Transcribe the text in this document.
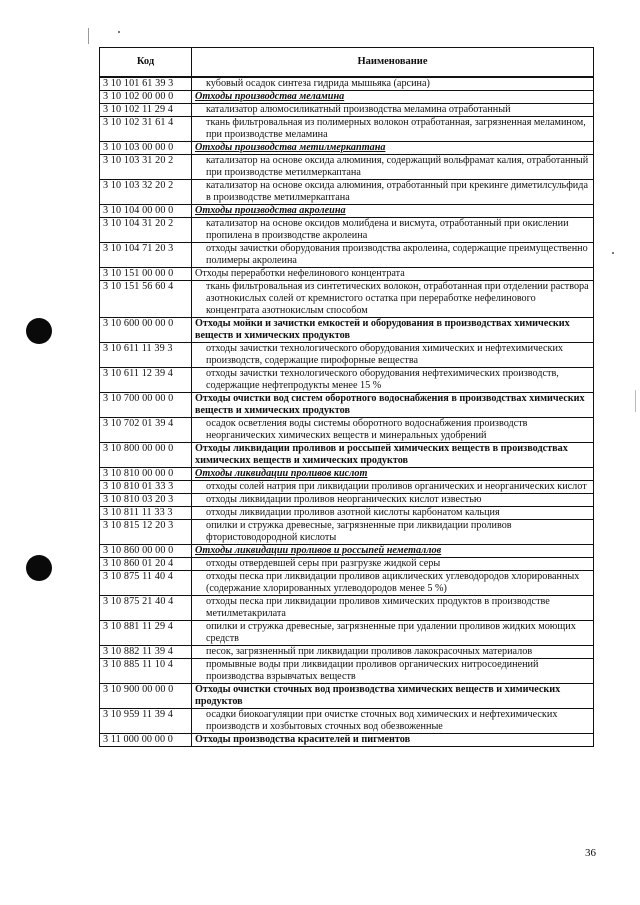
Код	Наименование
3 10 101 61 39 3	кубовый осадок синтеза гидрида мышьяка (арсина)
3 10 102 00 00 0	Отходы производства меламина
3 10 102 11 29 4	катализатор алюмосиликатный производства меламина отработанный
3 10 102 31 61 4	ткань фильтровальная из полимерных волокон отработанная, загрязненная меламином, при производстве меламина
3 10 103 00 00 0	Отходы производства метилмеркаптана
3 10 103 31 20 2	катализатор на основе оксида алюминия, содержащий вольфрамат калия, отработанный при производстве метилмеркаптана
3 10 103 32 20 2	катализатор на основе оксида алюминия, отработанный при крекинге диметилсульфида в производстве метилмеркаптана
3 10 104 00 00 0	Отходы производства акролеина
3 10 104 31 20 2	катализатор на основе оксидов молибдена и висмута, отработанный при окислении пропилена в производстве акролеина
3 10 104 71 20 3	отходы зачистки оборудования производства акролеина, содержащие преимущественно полимеры акролеина
3 10 151 00 00 0	Отходы переработки нефелинового концентрата
3 10 151 56 60 4	ткань фильтровальная из синтетических волокон, отработанная при отделении раствора азотнокислых солей от кремнистого остатка при переработке нефелинового концентрата азотнокислым способом
3 10 600 00 00 0	Отходы мойки и зачистки емкостей и оборудования в производствах химических веществ и химических продуктов
3 10 611 11 39 3	отходы зачистки технологического оборудования химических и нефтехимических производств, содержащие пирофорные вещества
3 10 611 12 39 4	отходы зачистки технологического оборудования нефтехимических производств, содержащие нефтепродукты менее 15 %
3 10 700 00 00 0	Отходы очистки вод систем оборотного водоснабжения в производствах химических веществ и химических продуктов
3 10 702 01 39 4	осадок осветления воды системы оборотного водоснабжения производств неорганических химических веществ и минеральных удобрений
3 10 800 00 00 0	Отходы ликвидации проливов и россыпей химических веществ в производствах химических веществ и химических продуктов
3 10 810 00 00 0	Отходы ликвидации проливов кислот
3 10 810 01 33 3	отходы солей натрия при ликвидации проливов органических и неорганических кислот
3 10 810 03 20 3	отходы ликвидации проливов неорганических кислот известью
3 10 811 11 33 3	отходы ликвидации проливов азотной кислоты карбонатом кальция
3 10 815 12 20 3	опилки и стружка древесные, загрязненные при ликвидации проливов фтористоводородной кислоты
3 10 860 00 00 0	Отходы ликвидации проливов и россыпей неметаллов
3 10 860 01 20 4	отходы отвердевшей серы при разгрузке жидкой серы
3 10 875 11 40 4	отходы песка при ликвидации проливов ациклических углеводородов хлорированных (содержание хлорированных углеводородов менее 5 %)
3 10 875 21 40 4	отходы песка при ликвидации проливов химических продуктов в производстве метилметакрилата
3 10 881 11 29 4	опилки и стружка древесные, загрязненные при удалении проливов жидких моющих средств
3 10 882 11 39 4	песок, загрязненный при ликвидации проливов лакокрасочных материалов
3 10 885 11 10 4	промывные воды при ликвидации проливов органических нитросоединений производства взрывчатых веществ
3 10 900 00 00 0	Отходы очистки сточных вод производства химических веществ и химических продуктов
3 10 959 11 39 4	осадки биокоагуляции при очистке сточных вод химических и нефтехимических производств и хозбытовых сточных вод обезвоженные
3 11 000 00 00 0	Отходы производства красителей и пигментов
36
